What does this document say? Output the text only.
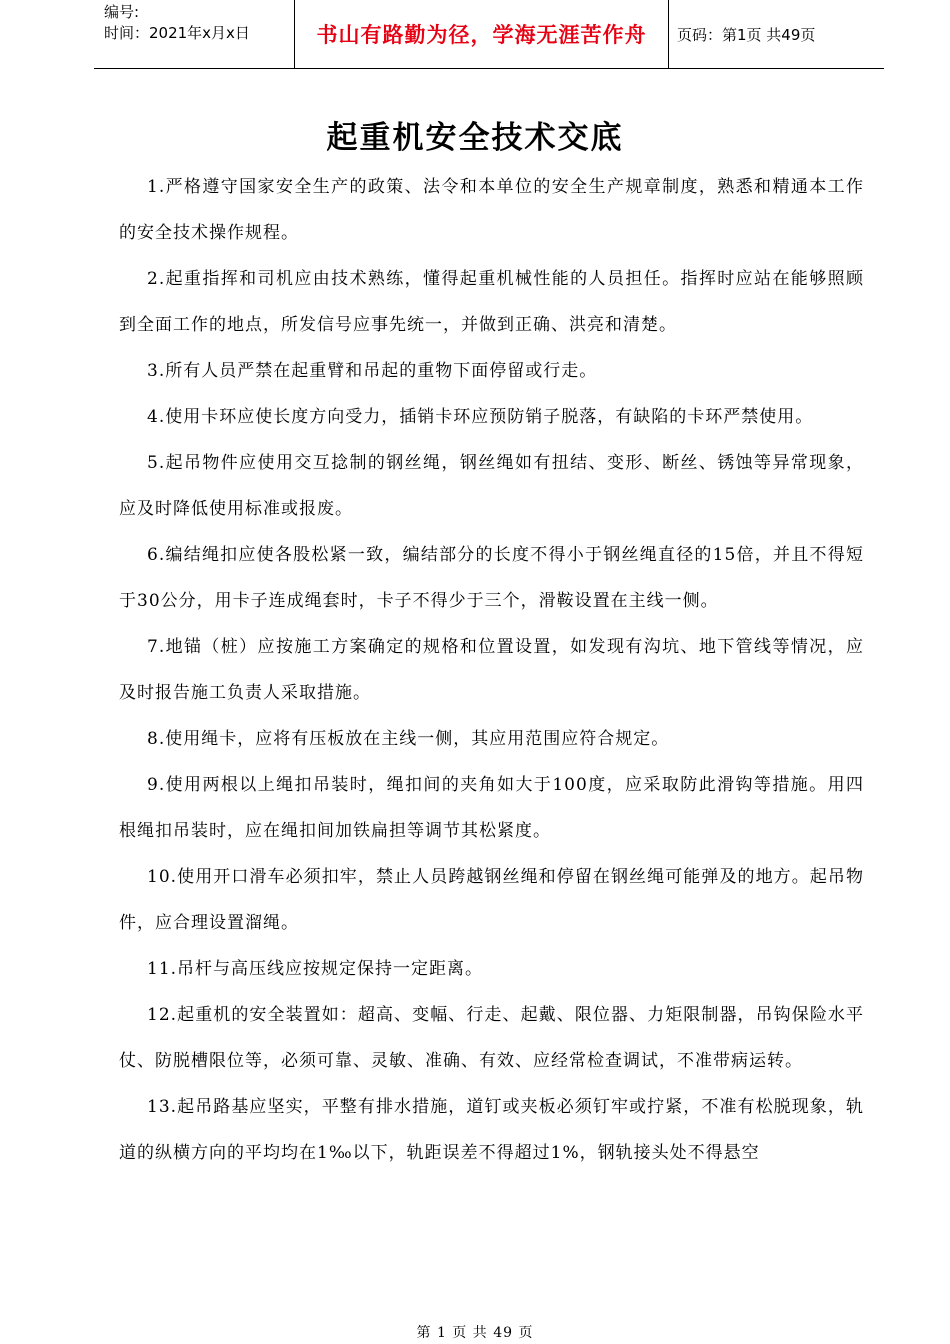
编号:
时间：2021年x月x日	书山有路勤为径，学海无涯苦作舟	页码：第1页 共49页
起重机安全技术交底

1.严格遵守国家安全生产的政策、法令和本单位的安全生产规章制度，熟悉和精通本工作的安全技术操作规程。

2.起重指挥和司机应由技术熟练，懂得起重机械性能的人员担任。指挥时应站在能够照顾到全面工作的地点，所发信号应事先统一，并做到正确、洪亮和清楚。

3.所有人员严禁在起重臂和吊起的重物下面停留或行走。

4.使用卡环应使长度方向受力，插销卡环应预防销子脱落，有缺陷的卡环严禁使用。

5.起吊物件应使用交互捻制的钢丝绳，钢丝绳如有扭结、变形、断丝、锈蚀等异常现象，应及时降低使用标准或报废。

6.编结绳扣应使各股松紧一致，编结部分的长度不得小于钢丝绳直径的15倍，并且不得短于30公分，用卡子连成绳套时，卡子不得少于三个，滑鞍设置在主线一侧。

7.地锚（桩）应按施工方案确定的规格和位置设置，如发现有沟坑、地下管线等情况，应及时报告施工负责人采取措施。

8.使用绳卡，应将有压板放在主线一侧，其应用范围应符合规定。

9.使用两根以上绳扣吊装时，绳扣间的夹角如大于100度，应采取防此滑钩等措施。用四根绳扣吊装时，应在绳扣间加铁扁担等调节其松紧度。

10.使用开口滑车必须扣牢，禁止人员跨越钢丝绳和停留在钢丝绳可能弹及的地方。起吊物件，应合理设置溜绳。

11.吊杆与高压线应按规定保持一定距离。

12.起重机的安全装置如：超高、变幅、行走、起戴、限位器、力矩限制器，吊钩保险水平仗、防脱槽限位等，必须可靠、灵敏、准确、有效、应经常检查调试，不准带病运转。

13.起吊路基应坚实，平整有排水措施，道钉或夹板必须钉牢或拧紧，不准有松脱现象，轨道的纵横方向的平均均在1‰以下，轨距误差不得超过1%，钢轨接头处不得悬空

第 1 页 共 49 页
